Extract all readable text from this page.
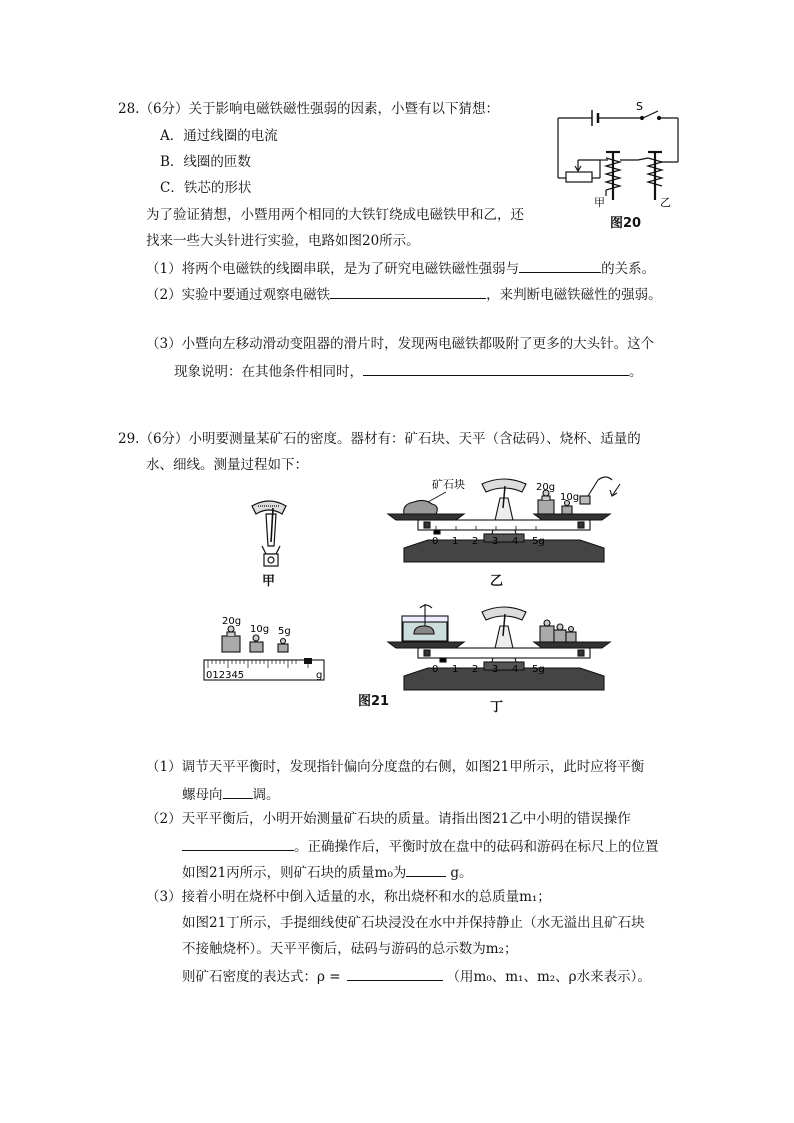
28.（6分）关于影响电磁铁磁性强弱的因素，小暨有以下猜想：
A．通过线圈的电流
B．线圈的匝数
C．铁芯的形状
为了验证猜想，小暨用两个相同的大铁钉绕成电磁铁甲和乙，还
找来一些大头针进行实验，电路如图20所示。
（1）将两个电磁铁的线圈串联，是为了研究电磁铁磁性强弱与	的关系。
（2）实验中要通过观察电磁铁	，来判断电磁铁磁性的强弱。
（3）小暨向左移动滑动变阻器的滑片时，发现两电磁铁都吸附了更多的大头针。这个
现象说明：在其他条件相同时，	。
S
甲	乙
图20
29.（6分）小明要测量某矿石的密度。器材有：矿石块、天平（含砝码）、烧杯、适量的
水、细线。测量过程如下：
甲
矿石块	20g
10g
0 1 2 3 4 5g
乙
20g
10g 5g
012345	g
图21
0 1 2 3 4 5g
丁
（1）调节天平平衡时，发现指针偏向分度盘的右侧，如图21甲所示，此时应将平衡
螺母向 调。
（2）天平平衡后，小明开始测量矿石块的质量。请指出图21乙中小明的错误操作
。正确操作后，平衡时放在盘中的砝码和游码在标尺上的位置
如图21丙所示，则矿石块的质量m₀为	g。
（3）接着小明在烧杯中倒入适量的水，称出烧杯和水的总质量m₁；
如图21丁所示，手提细线使矿石块浸没在水中并保持静止（水无溢出且矿石块
不接触烧杯）。天平平衡后，砝码与游码的总示数为m₂；
则矿石密度的表达式：ρ =	（用m₀、m₁、m₂、ρ水来表示）。
